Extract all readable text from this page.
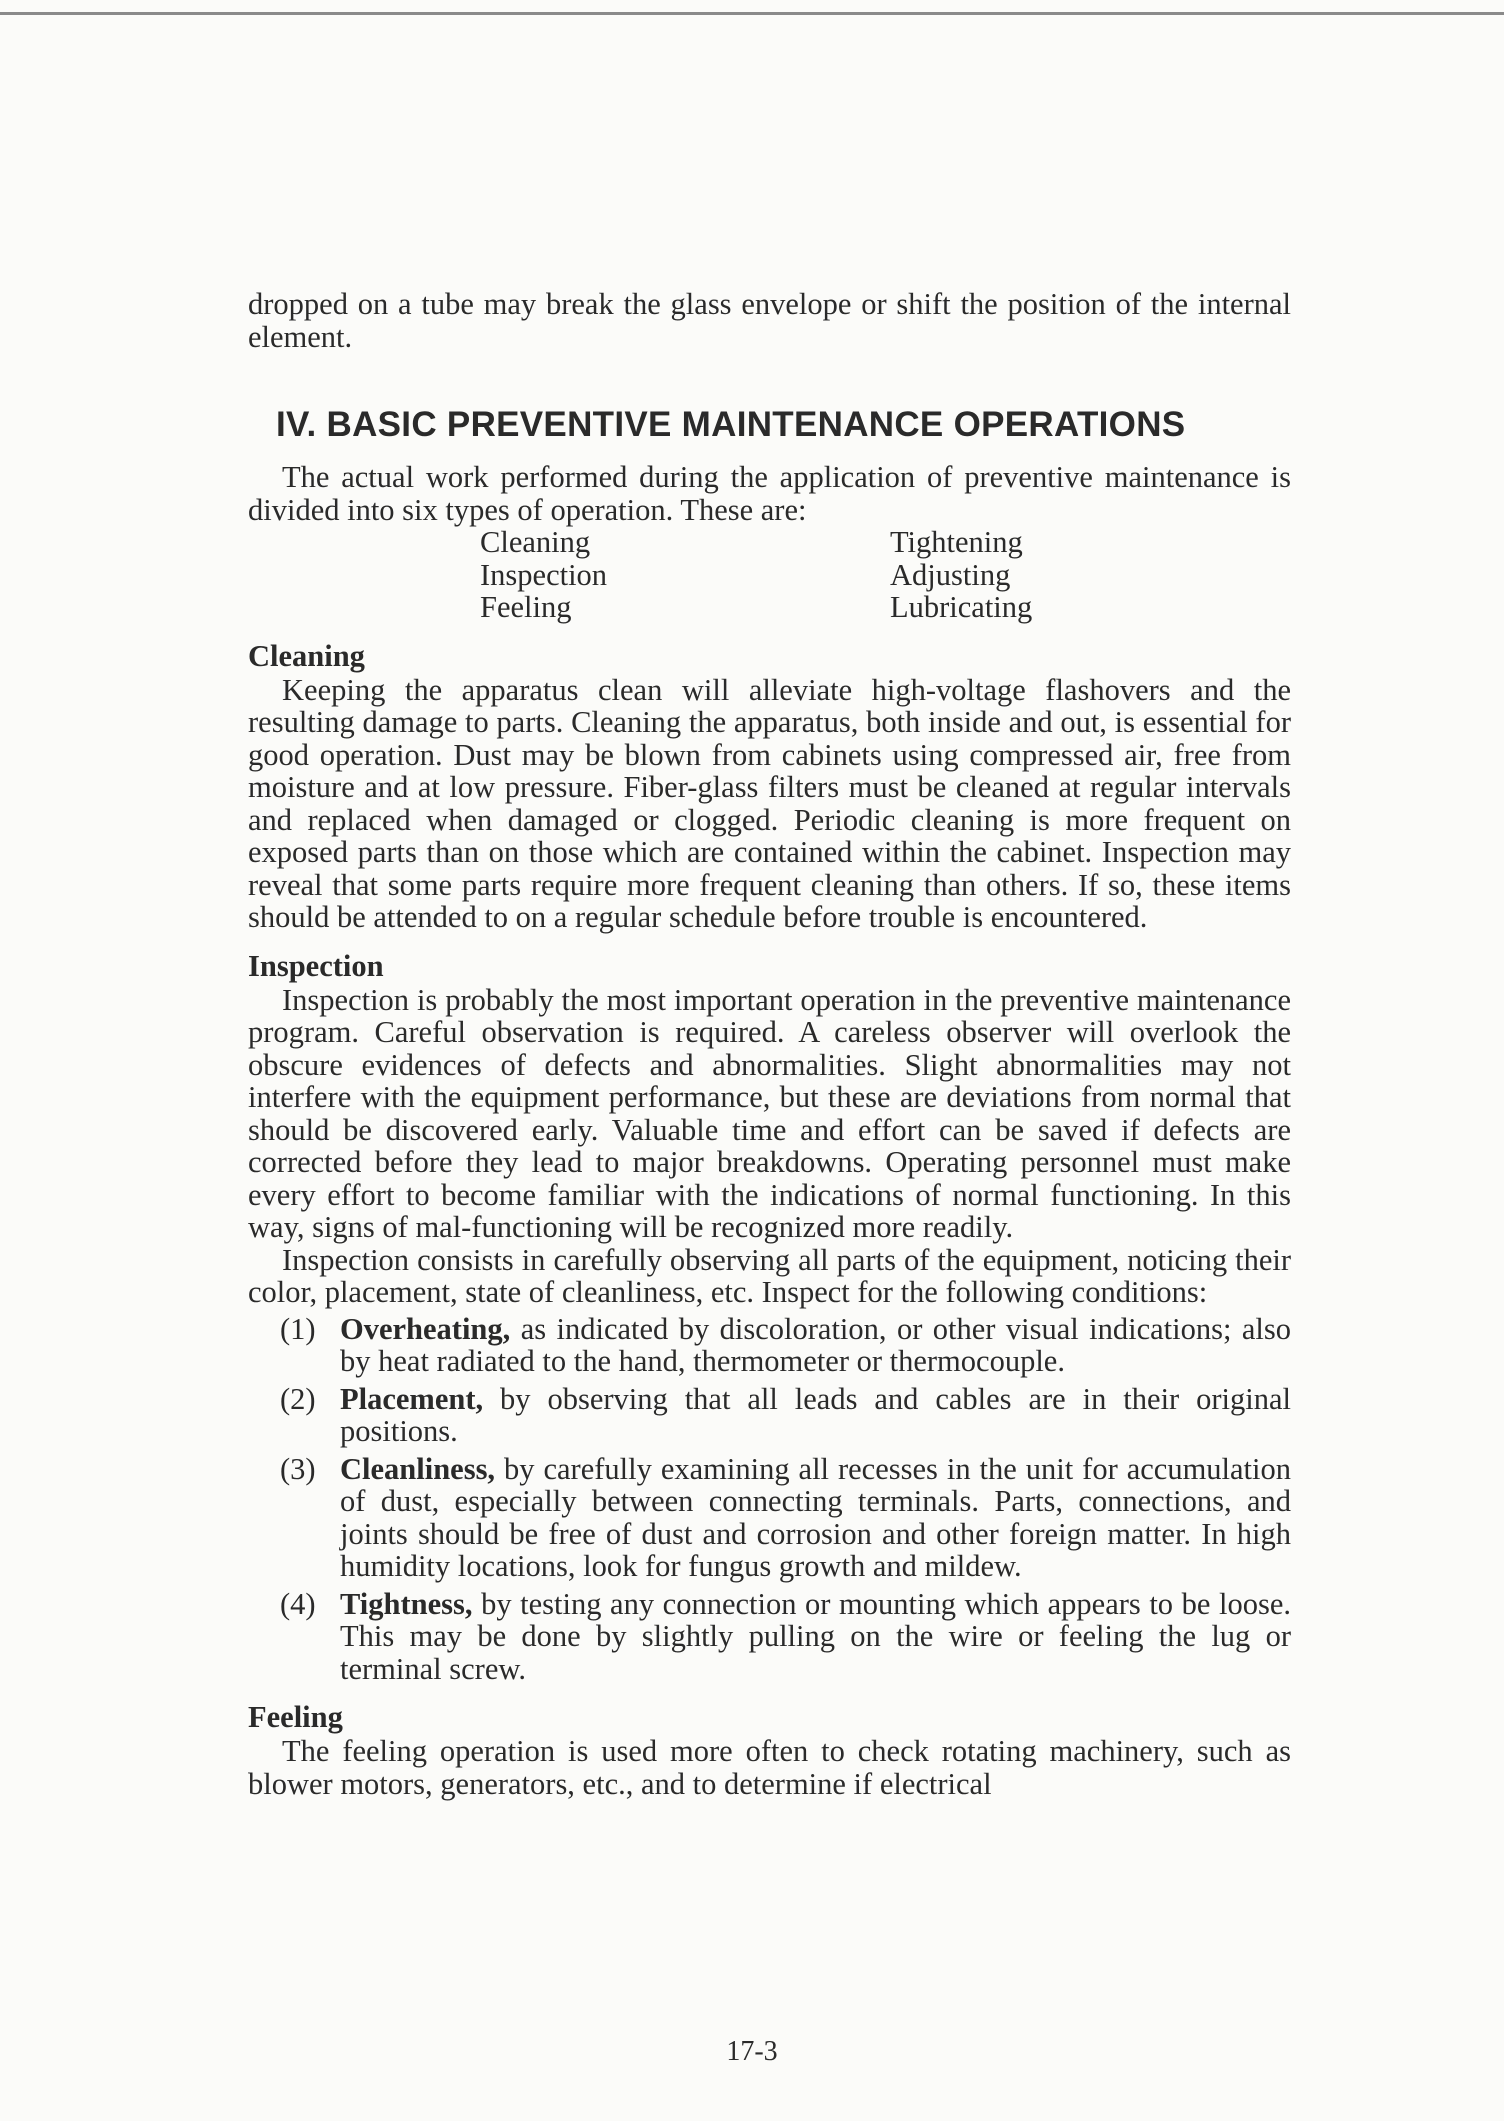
dropped on a tube may break the glass envelope or shift the position of the internal element.

IV. BASIC PREVENTIVE MAINTENANCE OPERATIONS

The actual work performed during the application of preventive maintenance is divided into six types of operation. These are:

Cleaning
Inspection
Feeling
Tightening
Adjusting
Lubricating
Cleaning

Keeping the apparatus clean will alleviate high-voltage flashovers and the resulting damage to parts. Cleaning the apparatus, both inside and out, is essential for good operation. Dust may be blown from cabinets using compressed air, free from moisture and at low pressure. Fiber-glass filters must be cleaned at regular intervals and replaced when damaged or clogged. Periodic cleaning is more frequent on exposed parts than on those which are contained within the cabinet. Inspection may reveal that some parts require more frequent cleaning than others. If so, these items should be attended to on a regular schedule before trouble is encountered.

Inspection

Inspection is probably the most important operation in the preventive maintenance program. Careful observation is required. A careless observer will overlook the obscure evidences of defects and abnormalities. Slight abnormalities may not interfere with the equipment performance, but these are deviations from normal that should be discovered early. Valuable time and effort can be saved if defects are corrected before they lead to major breakdowns. Operating personnel must make every effort to become familiar with the indications of normal functioning. In this way, signs of mal-functioning will be recognized more readily.

Inspection consists in carefully observing all parts of the equipment, noticing their color, placement, state of cleanliness, etc. Inspect for the following conditions:

(1) Overheating, as indicated by discoloration, or other visual indications; also by heat radiated to the hand, thermometer or thermocouple.
(2) Placement, by observing that all leads and cables are in their original positions.
(3) Cleanliness, by carefully examining all recesses in the unit for accumulation of dust, especially between connecting terminals. Parts, connections, and joints should be free of dust and corrosion and other foreign matter. In high humidity locations, look for fungus growth and mildew.
(4) Tightness, by testing any connection or mounting which appears to be loose. This may be done by slightly pulling on the wire or feeling the lug or terminal screw.
Feeling

The feeling operation is used more often to check rotating machinery, such as blower motors, generators, etc., and to determine if electrical

17-3
